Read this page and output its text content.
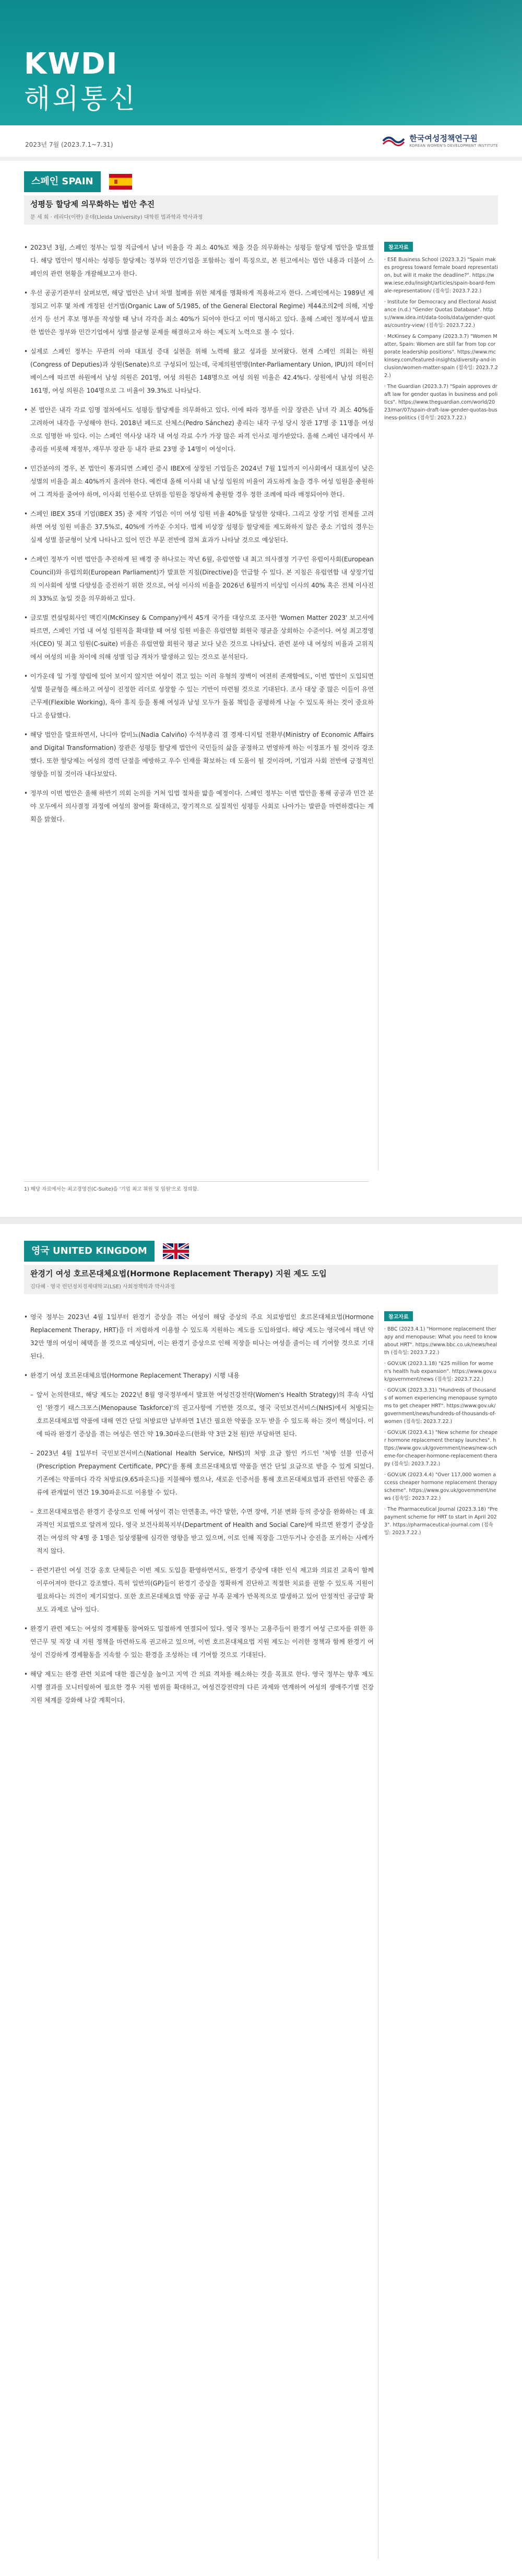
KWDI
해외통신
2023년 7월 (2023.7.1~7.31)
한국여성정책연구원
KOREAN WOMEN'S DEVELOPMENT INSTITUTE
스페인 SPAIN
성평등 할당제 의무화하는 법안 추진
문 세 희 · 레리다(이란) 운데(Lleida University) 대학원 법과학과 박사과정

• 2023년 3월, 스페인 정부는 일정 직급에서 남녀 비율을 각 최소 40%로 채울 것을 의무화하는 성평등 할당제 법안을 발표했다. 해당 법안이 명시하는 성평등 할당제는 정부와 민간기업을 포함하는 점이 특징으로, 본 원고에서는 법안 내용과 더불어 스페인의 관련 현황을 개괄해보고자 한다.

• 우선 공공기관부터 살펴보면, 해당 법안은 남녀 차별 철폐를 위한 체계를 명확하게 적용하고자 한다. 스페인에서는 1989년 제정되고 이후 몇 차례 개정된 선거법(Organic Law of 5/1985, of the General Electoral Regime) 제44조의2에 의해, 지방 선거 등 선거 후보 명부를 작성할 때 남녀 각각을 최소 40%가 되어야 한다고 이미 명시하고 있다. 올해 스페인 정부에서 발표한 법안은 정부와 민간기업에서 성별 불균형 문제를 해결하고자 하는 제도적 노력으로 볼 수 있다.

• 실제로 스페인 정부는 무관의 아파 대표성 증대 실현을 위해 노력해 왔고 성과를 보여왔다. 현재 스페인 의회는 하원(Congress of Deputies)과 상원(Senate)으로 구성되어 있는데, 국제의원연맹(Inter-Parliamentary Union, IPU)의 데이터베이스에 따르면 하원에서 남성 의원은 201명, 여성 의원은 148명으로 여성 의원 비율은 42.4%다. 상원에서 남성 의원은 161명, 여성 의원은 104명으로 그 비율이 39.3%로 나타났다.

• 본 법안은 내각 각료 임명 절차에서도 성평등 할당제를 의무화하고 있다. 이에 따라 정부를 이끌 장관은 남녀 각 최소 40%를 고려하여 내각을 구성해야 한다. 2018년 페드로 산체스(Pedro Sánchez) 총리는 내각 구성 당시 장관 17명 중 11명을 여성으로 임명한 바 있다. 이는 스페인 역사상 내각 내 여성 각료 수가 가장 많은 파격 인사로 평가받았다. 올해 스페인 내각에서 부총리를 비롯해 재정부, 재무부 장관 등 내각 관료 23명 중 14명이 여성이다.

• 민간분야의 경우, 본 법안이 통과되면 스페인 증시 IBEX에 상장된 기업들은 2024년 7월 1일까지 이사회에서 대표성이 낮은 성별의 비율을 최소 40%까지 올려야 한다. 예컨대 올해 이사회 내 남성 임원의 비율이 과도하게 높을 경우 여성 임원을 충원하여 그 격차를 줄여야 하며, 이사회 인원수로 단위를 임원을 정당하게 충원할 경우 정한 조례에 따라 배정되어야 한다.

• 스페인 IBEX 35대 기업(IBEX 35) 중 제작 기업은 이미 여성 임원 비율 40%를 달성한 상태다. 그리고 상장 기업 전체를 고려하면 여성 임원 비율은 37.5%로, 40%에 가까운 수치다. 법제 비상장 성평등 할당제를 제도화하지 않은 중소 기업의 경우는 실제 성별 불균형이 낮게 나타나고 있어 민간 부문 전반에 걸쳐 효과가 나타날 것으로 예상된다.

• 스페인 정부가 이번 법안을 추진하게 된 배경 중 하나로는 작년 6월, 유럽연합 내 최고 의사결정 기구인 유럽이사회(European Council)와 유럽의회(European Parliament)가 발표한 지침(Directive)을 언급할 수 있다. 본 지침은 유럽연합 내 상장기업의 이사회에 성별 다양성을 증진하기 위한 것으로, 여성 이사의 비율을 2026년 6월까지 비상임 이사의 40% 혹은 전체 이사진의 33%로 높일 것을 의무화하고 있다.

• 글로벌 컨설팅회사인 맥킨지(McKinsey & Company)에서 45개 국가를 대상으로 조사한 'Women Matter 2023' 보고서에 따르면, 스페인 기업 내 여성 임원직을 확대할 때 여성 임원 비율은 유럽연합 회원국 평균을 상회하는 수준이다. 여성 최고경영자(CEO) 및 최고 임원(C-suite) 비율은 유럽연합 회원국 평균 보다 낮은 것으로 나타났다. 관련 분야 내 여성의 비율과 고위직에서 여성의 비율 차이에 의해 성별 임금 격차가 발생하고 있는 것으로 분석된다.

• 이가운데 일 가정 양립에 있어 보이지 않지만 여성이 겪고 있는 이러 유형의 장벽이 여전히 존재함에도, 이번 법안이 도입되면 성별 불균형을 해소하고 여성이 진정한 리더로 성장할 수 있는 기반이 마련될 것으로 기대된다. 조사 대상 중 많은 이들이 유연근무제(Flexible Working), 육아 휴직 등을 통해 여성과 남성 모두가 돌봄 책임을 공평하게 나눌 수 있도록 하는 것이 중요하다고 응답했다.

• 해당 법안을 발표하면서, 나디아 칼비뇨(Nadia Calviño) 수석부총리 겸 경제·디지털 전환부(Ministry of Economic Affairs and Digital Transformation) 장관은 성평등 할당제 법안이 국민들의 삶을 공정하고 번영하게 하는 이정표가 될 것이라 강조했다. 또한 할당제는 여성의 경력 단절을 예방하고 우수 인재를 확보하는 데 도움이 될 것이라며, 기업과 사회 전반에 긍정적인 영향을 미칠 것이라 내다보았다.

• 정부의 이번 법안은 올해 하반기 의회 논의를 거쳐 입법 절차를 밟을 예정이다. 스페인 정부는 이번 법안을 통해 공공과 민간 분야 모두에서 의사결정 과정에 여성의 참여를 확대하고, 장기적으로 실질적인 성평등 사회로 나아가는 발판을 마련하겠다는 계획을 밝혔다.

참고자료
· ESE Business School (2023.3.2) "Spain makes progress toward female board representation, but will it make the deadline?". https://www.iese.edu/insight/articles/spain-board-female-representation/ (접속일: 2023.7.22.)
· Institute for Democracy and Electoral Assistance (n.d.) "Gender Quotas Database". https://www.idea.int/data-tools/data/gender-quotas/country-view/ (접속일: 2023.7.22.)
· McKinsey & Company (2023.3.7) "Women Matter, Spain: Women are still far from top corporate leadership positions". https://www.mckinsey.com/featured-insights/diversity-and-inclusion/women-matter-spain (접속일: 2023.7.22.)
· The Guardian (2023.3.7) "Spain approves draft law for gender quotas in business and politics". https://www.theguardian.com/world/2023/mar/07/spain-draft-law-gender-quotas-business-politics (접속일: 2023.7.22.)
1) 해당 자료에서는 최고경영진(C-Suite)을 '기업 최고 위원 및 임원'으로 정의함.
영국 UNITED KINGDOM
완경기 여성 호르몬대체요법(Hormone Replacement Therapy) 지원 제도 도입
김다혜 · 영국 런던정치경제대학교(LSE) 사회정책학과 박사과정

• 영국 정부는 2023년 4월 1일부터 완경기 증상을 겪는 여성이 해당 증상의 주요 치료방법인 호르몬대체요법(Hormone Replacement Therapy, HRT)을 더 저렴하게 이용할 수 있도록 지원하는 제도를 도입하였다. 해당 제도는 영국에서 매년 약 32만 명의 여성이 혜택을 볼 것으로 예상되며, 이는 완경기 증상으로 인해 직장을 떠나는 여성을 줄이는 데 기여할 것으로 기대된다.

• 완경기 여성 호르몬대체요법(Hormone Replacement Therapy) 시행 내용

– 앞서 논의한대로, 해당 제도는 2022년 8월 영국정부에서 발표한 여성건강전략(Women's Health Strategy)의 후속 사업인 '완경기 태스크포스(Menopause Taskforce)'의 권고사항에 기반한 것으로, 영국 국민보건서비스(NHS)에서 처방되는 호르몬대체요법 약품에 대해 연간 단일 처방료만 납부하면 1년간 필요한 약품을 모두 받을 수 있도록 하는 것이 핵심이다. 이에 따라 완경기 증상을 겪는 여성은 연간 약 19.30파운드(한화 약 3만 2천 원)만 부담하면 된다.

– 2023년 4월 1일부터 국민보건서비스(National Health Service, NHS)의 처방 요금 할인 카드인 '처방 선불 인증서(Prescription Prepayment Certificate, PPC)'를 통해 호르몬대체요법 약품을 연간 단일 요금으로 받을 수 있게 되었다. 기존에는 약품마다 각각 처방료(9.65파운드)를 지불해야 했으나, 새로운 인증서를 통해 호르몬대체요법과 관련된 약품은 종류에 관계없이 연간 19.30파운드로 이용할 수 있다.

– 호르몬대체요법은 완경기 증상으로 인해 여성이 겪는 안면홍조, 야간 발한, 수면 장애, 기분 변화 등의 증상을 완화하는 데 효과적인 치료법으로 알려져 있다. 영국 보건사회복지부(Department of Health and Social Care)에 따르면 완경기 증상을 겪는 여성의 약 4명 중 1명은 일상생활에 심각한 영향을 받고 있으며, 이로 인해 직장을 그만두거나 승진을 포기하는 사례가 적지 않다.

– 관련기관인 여성 건강 옹호 단체들은 이번 제도 도입을 환영하면서도, 완경기 증상에 대한 인식 제고와 의료진 교육이 함께 이루어져야 한다고 강조했다. 특히 일반의(GP)들이 완경기 증상을 정확하게 진단하고 적절한 치료를 권할 수 있도록 지원이 필요하다는 의견이 제기되었다. 또한 호르몬대체요법 약품 공급 부족 문제가 반복적으로 발생하고 있어 안정적인 공급망 확보도 과제로 남아 있다.

• 완경기 관련 제도는 여성의 경제활동 참여와도 밀접하게 연결되어 있다. 영국 정부는 고용주들이 완경기 여성 근로자를 위한 유연근무 및 직장 내 지원 정책을 마련하도록 권고하고 있으며, 이번 호르몬대체요법 지원 제도는 이러한 정책과 함께 완경기 여성이 건강하게 경제활동을 지속할 수 있는 환경을 조성하는 데 기여할 것으로 기대된다.

• 해당 제도는 완경 관련 치료에 대한 접근성을 높이고 지역 간 의료 격차를 해소하는 것을 목표로 한다. 영국 정부는 향후 제도 시행 결과를 모니터링하여 필요한 경우 지원 범위를 확대하고, 여성건강전략의 다른 과제와 연계하여 여성의 생애주기별 건강 지원 체계를 강화해 나갈 계획이다.

참고자료
· BBC (2023.4.1) "Hormone replacement therapy and menopause: What you need to know about HRT". https://www.bbc.co.uk/news/health (접속일: 2023.7.22.)
· GOV.UK (2023.1.18) "£25 million for women's health hub expansion". https://www.gov.uk/government/news (접속일: 2023.7.22.)
· GOV.UK (2023.3.31) "Hundreds of thousands of women experiencing menopause symptoms to get cheaper HRT". https://www.gov.uk/government/news/hundreds-of-thousands-of-women (접속일: 2023.7.22.)
· GOV.UK (2023.4.1) "New scheme for cheaper hormone replacement therapy launches". https://www.gov.uk/government/news/new-scheme-for-cheaper-hormone-replacement-therapy (접속일: 2023.7.22.)
· GOV.UK (2023.4.4) "Over 117,000 women access cheaper hormone replacement therapy scheme". https://www.gov.uk/government/news (접속일: 2023.7.22.)
· The Pharmaceutical Journal (2023.3.18) "Prepayment scheme for HRT to start in April 2023". https://pharmaceutical-journal.com (접속일: 2023.7.22.)
